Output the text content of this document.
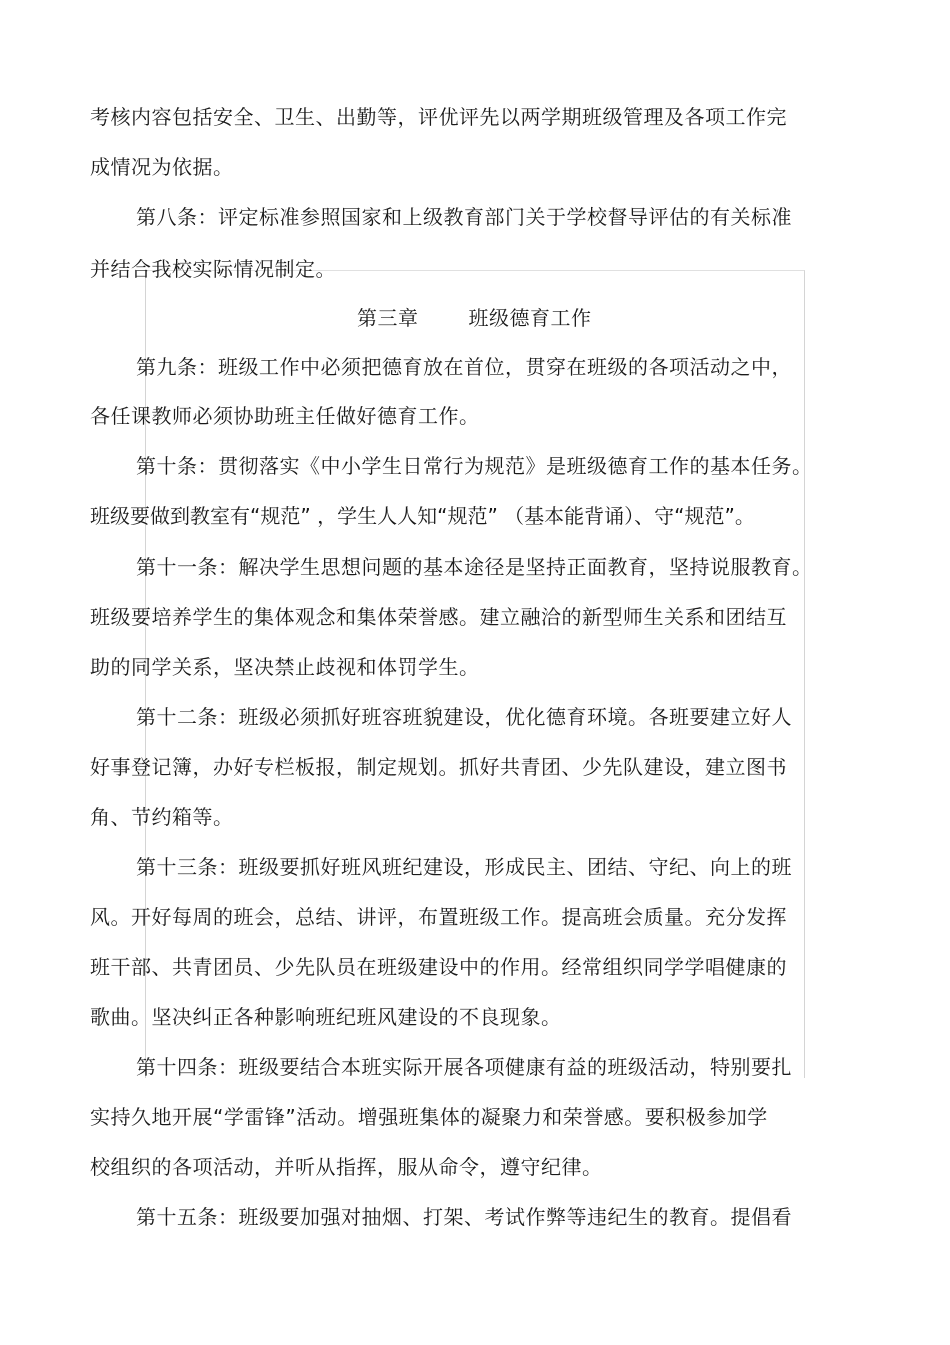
考核内容包括安全、卫生、出勤等，评优评先以两学期班级管理及各项工作完
成情况为依据。
第八条：评定标准参照国家和上级教育部门关于学校督导评估的有关标准
并结合我校实际情况制定。
第三章	班级德育工作
第九条：班级工作中必须把德育放在首位，贯穿在班级的各项活动之中，
各任课教师必须协助班主任做好德育工作。
第十条：贯彻落实《中小学生日常行为规范》是班级德育工作的基本任务。
班级要做到教室有“规范” ，学生人人知“规范” （基本能背诵）、守“规范”。
第十一条：解决学生思想问题的基本途径是坚持正面教育，坚持说服教育。
班级要培养学生的集体观念和集体荣誉感。建立融洽的新型师生关系和团结互
助的同学关系，坚决禁止歧视和体罚学生。
第十二条：班级必须抓好班容班貌建设，优化德育环境。各班要建立好人
好事登记簿，办好专栏板报，制定规划。抓好共青团、少先队建设，建立图书
角、节约箱等。
第十三条：班级要抓好班风班纪建设，形成民主、团结、守纪、向上的班
风。开好每周的班会，总结、讲评，布置班级工作。提高班会质量。充分发挥
班干部、共青团员、少先队员在班级建设中的作用。经常组织同学学唱健康的
歌曲。坚决纠正各种影响班纪班风建设的不良现象。
第十四条：班级要结合本班实际开展各项健康有益的班级活动，特别要扎
实持久地开展“学雷锋”活动。增强班集体的凝聚力和荣誉感。要积极参加学
校组织的各项活动，并听从指挥，服从命令，遵守纪律。
第十五条：班级要加强对抽烟、打架、考试作弊等违纪生的教育。提倡看
